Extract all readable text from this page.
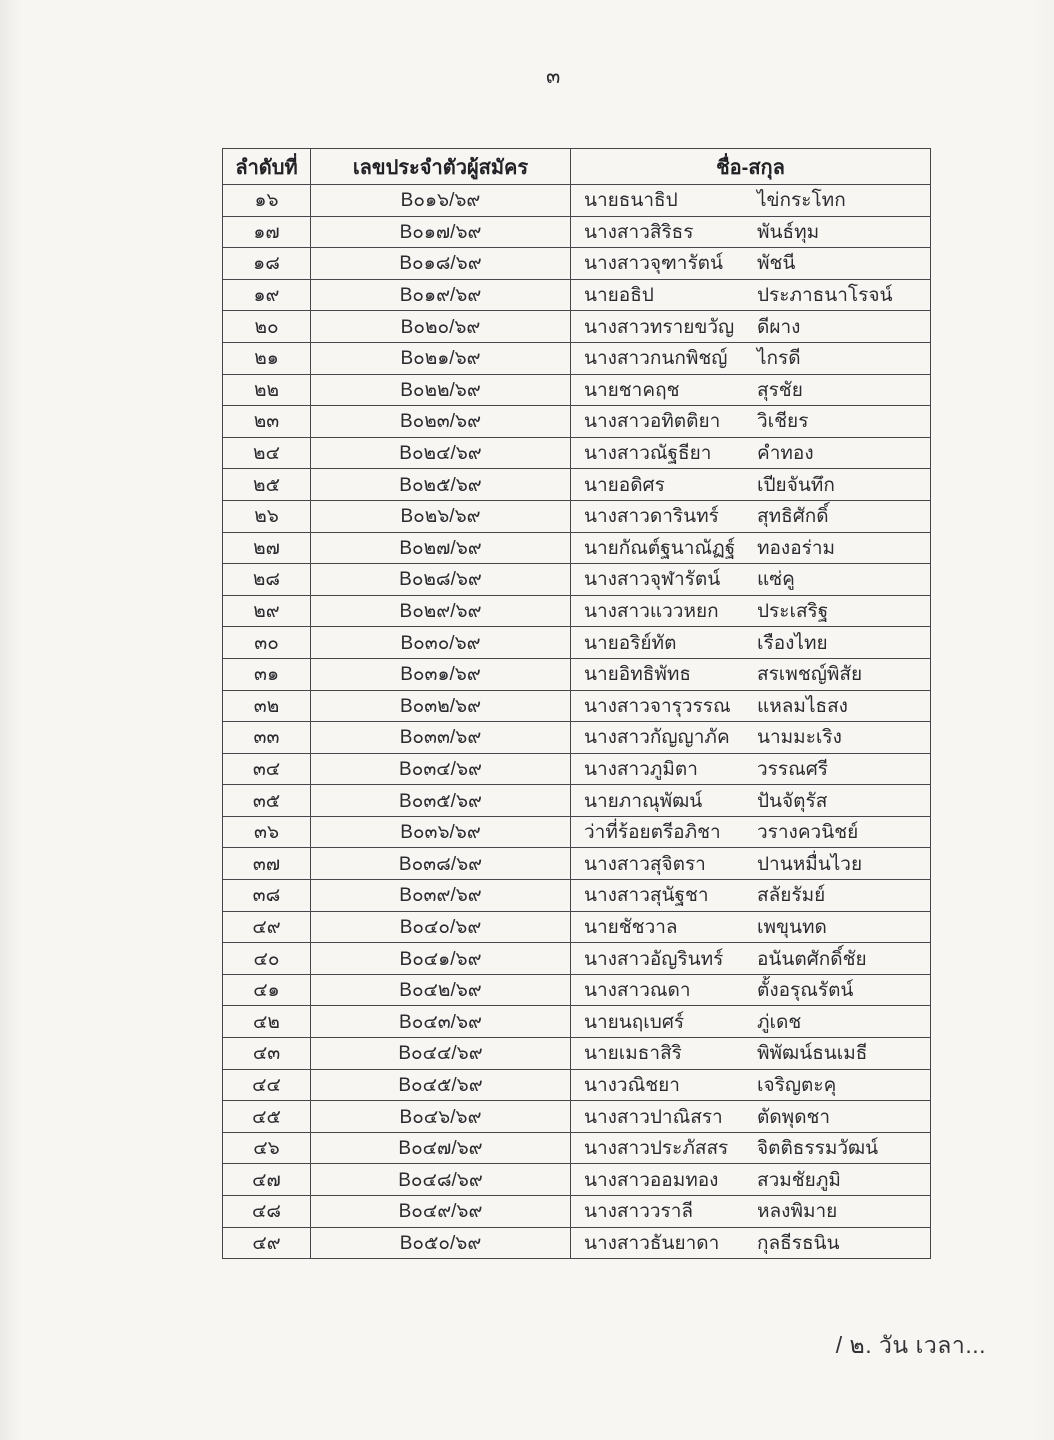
๓
ลำดับที่	เลขประจำตัวผู้สมัคร	ชื่อ-สกุล
๑๖	B๐๑๖/๖๙	นายธนาธิป ไข่กระโทก

๑๗	B๐๑๗/๖๙	นางสาวสิริธร พันธ์ทุม

๑๘	B๐๑๘/๖๙	นางสาวจุฑารัตน์ พัชนี

๑๙	B๐๑๙/๖๙	นายอธิป ประภาธนาโรจน์

๒๐	B๐๒๐/๖๙	นางสาวทรายขวัญ ดีผาง

๒๑	B๐๒๑/๖๙	นางสาวกนกพิชญ์ ไกรดี

๒๒	B๐๒๒/๖๙	นายชาคฤช สุรชัย

๒๓	B๐๒๓/๖๙	นางสาวอทิตติยา วิเชียร

๒๔	B๐๒๔/๖๙	นางสาวณัฐธียา คำทอง

๒๕	B๐๒๕/๖๙	นายอดิศร เปียจันทึก

๒๖	B๐๒๖/๖๙	นางสาวดารินทร์ สุทธิศักดิ์

๒๗	B๐๒๗/๖๙	นายกัณต์ฐนาณัฏฐ์ ทองอร่าม

๒๘	B๐๒๘/๖๙	นางสาวจุฬารัตน์ แซ่คู

๒๙	B๐๒๙/๖๙	นางสาวแววหยก ประเสริฐ

๓๐	B๐๓๐/๖๙	นายอริย์ทัต เรืองไทย

๓๑	B๐๓๑/๖๙	นายอิทธิพัทธ สรเพชญ์พิสัย

๓๒	B๐๓๒/๖๙	นางสาวจารุวรรณ แหลมไธสง

๓๓	B๐๓๓/๖๙	นางสาวกัญญาภัค นามมะเริง

๓๔	B๐๓๔/๖๙	นางสาวภูมิตา วรรณศรี

๓๕	B๐๓๕/๖๙	นายภาณุพัฒน์ ปันจัตุรัส

๓๖	B๐๓๖/๖๙	ว่าที่ร้อยตรีอภิชา วรางควนิชย์

๓๗	B๐๓๘/๖๙	นางสาวสุจิตรา ปานหมื่นไวย

๓๘	B๐๓๙/๖๙	นางสาวสุนัฐชา สลัยรัมย์

๔๙	B๐๔๐/๖๙	นายชัชวาล เพขุนทด

๔๐	B๐๔๑/๖๙	นางสาวอัญรินทร์ อนันตศักดิ์ชัย

๔๑	B๐๔๒/๖๙	นางสาวณดา ตั้งอรุณรัตน์

๔๒	B๐๔๓/๖๙	นายนฤเบศร์ ภู่เดช

๔๓	B๐๔๔/๖๙	นายเมธาสิริ พิพัฒน์ธนเมธี

๔๔	B๐๔๕/๖๙	นางวณิชยา เจริญตะคุ

๔๕	B๐๔๖/๖๙	นางสาวปาณิสรา ตัดพุดชา

๔๖	B๐๔๗/๖๙	นางสาวประภัสสร จิตติธรรมวัฒน์

๔๗	B๐๔๘/๖๙	นางสาวออมทอง สวมชัยภูมิ

๔๘	B๐๔๙/๖๙	นางสาววราลี หลงพิมาย

๔๙	B๐๕๐/๖๙	นางสาวธันยาดา กุลธีรธนิน
/ ๒. วัน เวลา...
